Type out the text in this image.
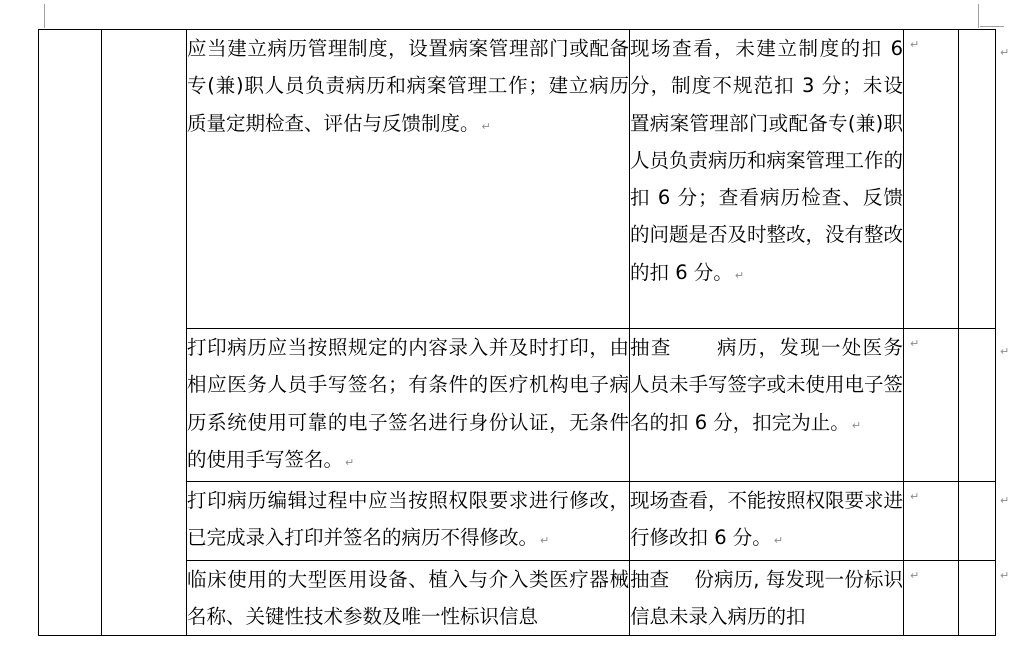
		应当建立病历管理制度，设置病案管理部门或配备专(兼)职人员负责病历和病案管理工作；建立病历质量定期检查、评估与反馈制度。 ↵	现场查看，未建立制度的扣 6 分，制度不规范扣 3 分；未设置病案管理部门或配备专(兼)职人员负责病历和病案管理工作的扣 6 分；查看病历检查、反馈的问题是否及时整改，没有整改的扣 6 分。 ↵	↵	

		打印病历应当按照规定的内容录入并及时打印，由相应医务人员手写签名；有条件的医疗机构电子病历系统使用可靠的电子签名进行身份认证，无条件的使用手写签名。 ↵	抽查 病历，发现一处医务人员未手写签字或未使用电子签名的扣 6 分，扣完为止。 ↵	↵	

		打印病历编辑过程中应当按照权限要求进行修改，已完成录入打印并签名的病历不得修改。 ↵	现场查看，不能按照权限要求进行修改扣 6 分。 ↵	↵	

		临床使用的大型医用设备、植入与介入类医疗器械名称、关键性技术参数及唯一性标识信息	抽查 份病历, 每发现一份标识信息未录入病历的扣	↵	

↵
↵
↵
↵
